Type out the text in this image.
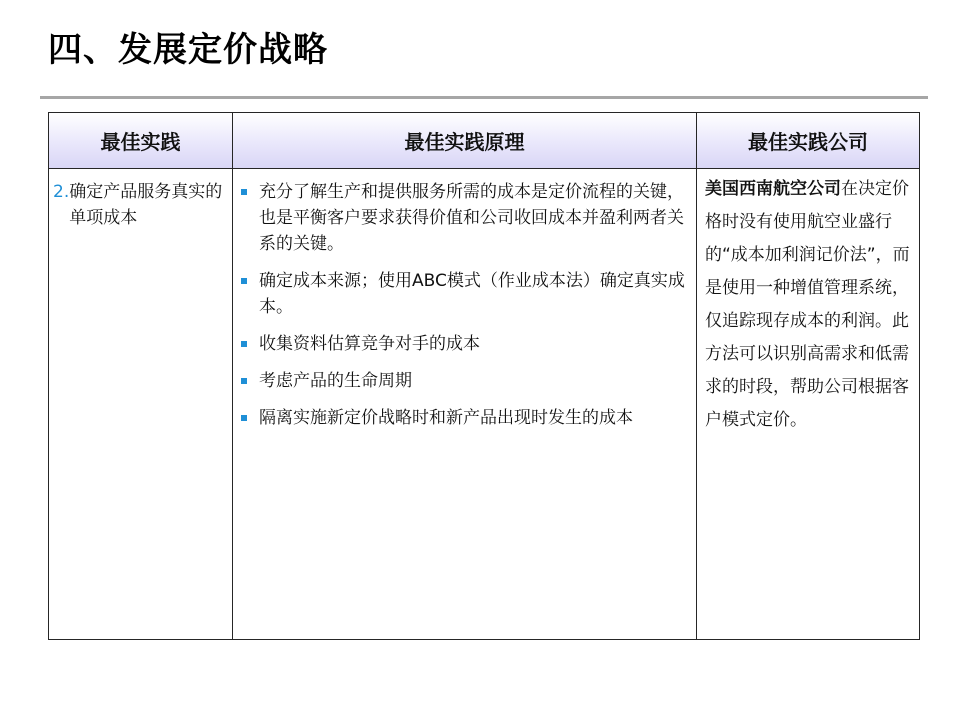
四、发展定价战略
最佳实践	最佳实践原理	最佳实践公司
2. 确定产品服务真实的单项成本
充分了解生产和提供服务所需的成本是定价流程的关键，也是平衡客户要求获得价值和公司收回成本并盈利两者关系的关键。
确定成本来源；使用ABC模式（作业成本法）确定真实成本。
收集资料估算竞争对手的成本
考虑产品的生命周期
隔离实施新定价战略时和新产品出现时发生的成本
美国西南航空公司在决定价格时没有使用航空业盛行的“成本加利润记价法”，而是使用一种增值管理系统，仅追踪现存成本的利润。此方法可以识别高需求和低需求的时段，帮助公司根据客户模式定价。
